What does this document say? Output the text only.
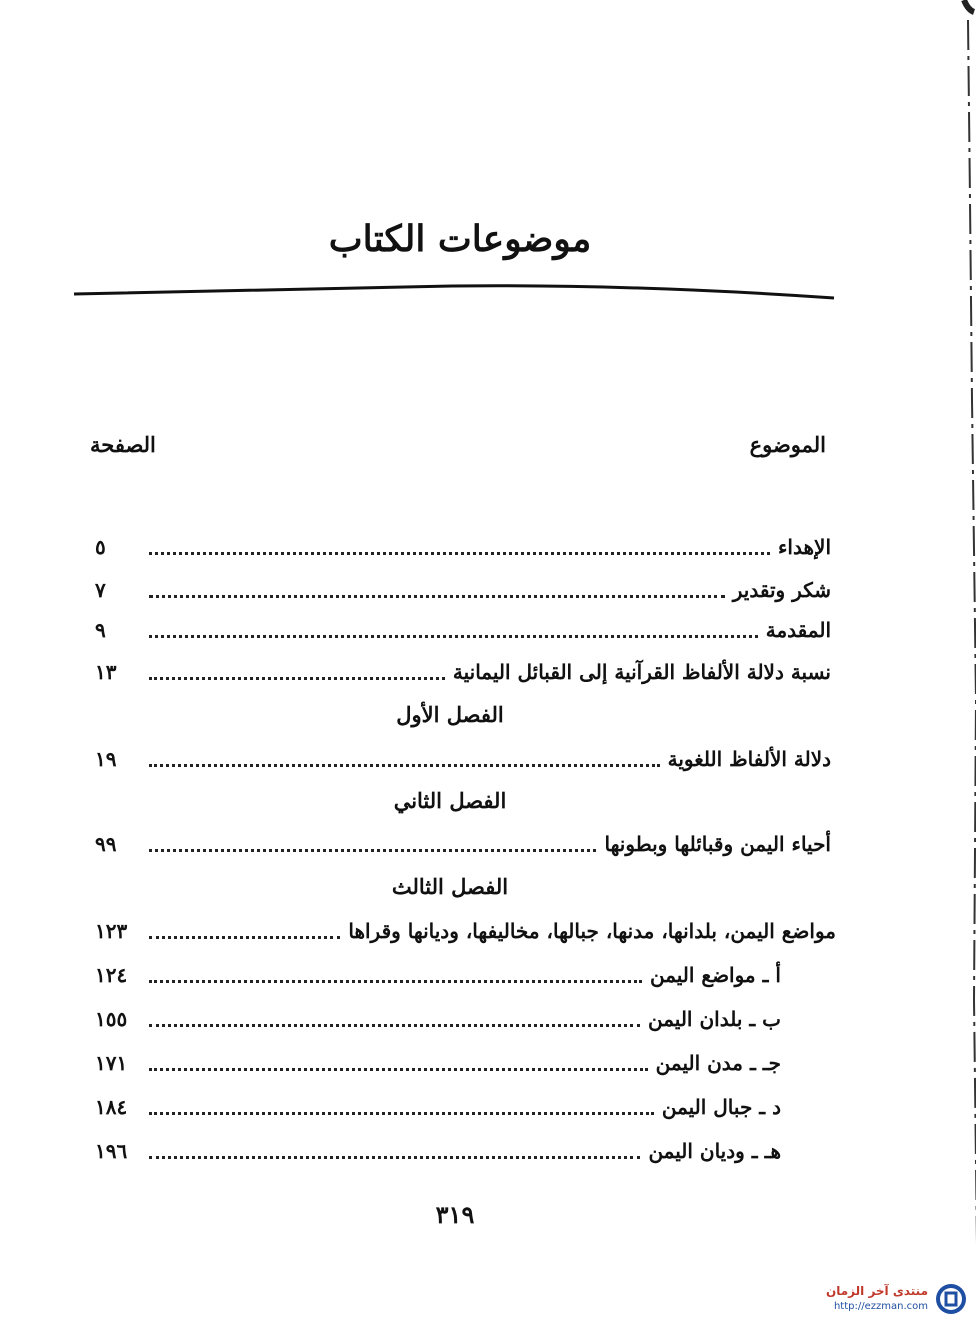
موضوعات الكتاب
الموضوع
الصفحة
الإهداء
٥
شكر وتقدير
٧
المقدمة
٩
نسبة دلالة الألفاظ القرآنية إلى القبائل اليمانية
١٣
الفصل الأول
دلالة الألفاظ اللغوية
١٩
الفصل الثاني
أحياء اليمن وقبائلها وبطونها
٩٩
الفصل الثالث
مواضع اليمن، بلدانها، مدنها، جبالها، مخاليفها، وديانها وقراها
١٢٣
أ ـ مواضع اليمن
١٢٤
ب ـ بلدان اليمن
١٥٥
جـ ـ مدن اليمن
١٧١
د ـ جبال اليمن
١٨٤
هـ ـ وديان اليمن
١٩٦
٣١٩
منتدى آخر الزمان
http://ezzman.com
